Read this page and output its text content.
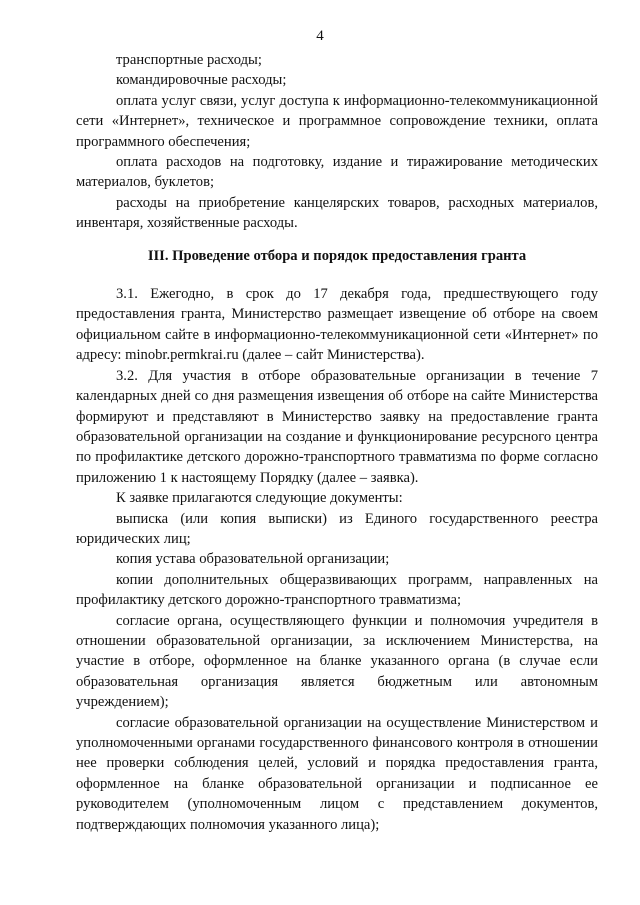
4

транспортные расходы;

командировочные расходы;

оплата услуг связи, услуг доступа к информационно-телекоммуникационной сети «Интернет», техническое и программное сопровождение техники, оплата программного обеспечения;

оплата расходов на подготовку, издание и тиражирование методических материалов, буклетов;

расходы на приобретение канцелярских товаров, расходных материалов, инвентаря, хозяйственные расходы.

III. Проведение отбора и порядок предоставления гранта

3.1. Ежегодно, в срок до 17 декабря года, предшествующего году предоставления гранта, Министерство размещает извещение об отборе на своем официальном сайте в информационно-телекоммуникационной сети «Интернет» по адресу: minobr.permkrai.ru (далее – сайт Министерства).

3.2. Для участия в отборе образовательные организации в течение 7 календарных дней со дня размещения извещения об отборе на сайте Министерства формируют и представляют в Министерство заявку на предоставление гранта образовательной организации на создание и функционирование ресурсного центра по профилактике детского дорожно-транспортного травматизма по форме согласно приложению 1 к настоящему Порядку (далее – заявка).

К заявке прилагаются следующие документы:

выписка (или копия выписки) из Единого государственного реестра юридических лиц;

копия устава образовательной организации;

копии дополнительных общеразвивающих программ, направленных на профилактику детского дорожно-транспортного травматизма;

согласие органа, осуществляющего функции и полномочия учредителя в отношении образовательной организации, за исключением Министерства, на участие в отборе, оформленное на бланке указанного органа (в случае если образовательная организация является бюджетным или автономным учреждением);

согласие образовательной организации на осуществление Министерством и уполномоченными органами государственного финансового контроля в отношении нее проверки соблюдения целей, условий и порядка предоставления гранта, оформленное на бланке образовательной организации и подписанное ее руководителем (уполномоченным лицом с представлением документов, подтверждающих полномочия указанного лица);
